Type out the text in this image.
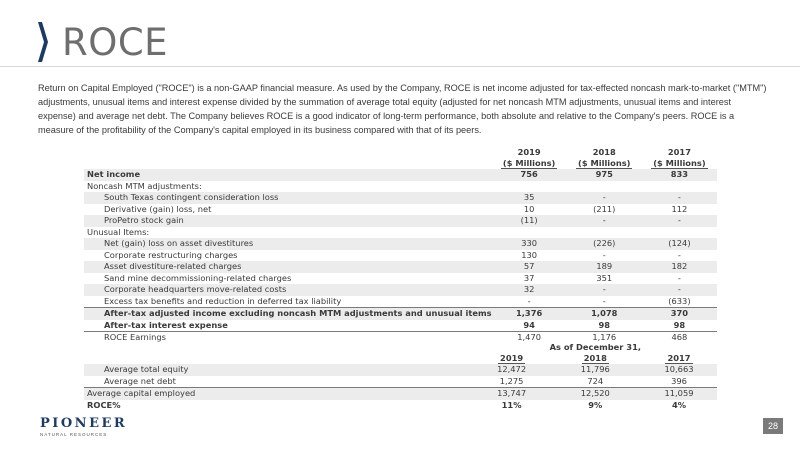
ROCE
Return on Capital Employed ("ROCE") is a non-GAAP financial measure. As used by the Company, ROCE is net income adjusted for tax-effected noncash mark-to-market ("MTM") adjustments, unusual items and interest expense divided by the summation of average total equity (adjusted for net noncash MTM adjustments, unusual items and interest expense) and average net debt. The Company believes ROCE is a good indicator of long-term performance, both absolute and relative to the Company's peers. ROCE is a measure of the profitability of the Company's capital employed in its business compared with that of its peers.
	2019	2018	2017
	($ Millions)	($ Millions)	($ Millions)
Net income	756	975	833
Noncash MTM adjustments:			
South Texas contingent consideration loss	35	-	-
Derivative (gain) loss, net	10	(211)	112
ProPetro stock gain	(11)	-	-
Unusual Items:			
Net (gain) loss on asset divestitures	330	(226)	(124)
Corporate restructuring charges	130	-	-
Asset divestiture-related charges	57	189	182
Sand mine decommissioning-related charges	37	351	-
Corporate headquarters move-related costs	32	-	-
Excess tax benefits and reduction in deferred tax liability	-	-	(633)
After-tax adjusted income excluding noncash MTM adjustments and unusual items	1,376	1,078	370
After-tax interest expense	94	98	98
ROCE Earnings	1,470	1,176	468
		As of December 31,	
	2019	2018	2017
Average total equity	12,472	11,796	10,663
Average net debt	1,275	724	396
Average capital employed	13,747	12,520	11,059
ROCE%	11%	9%	4%
PIONEER
NATURAL RESOURCES
28
